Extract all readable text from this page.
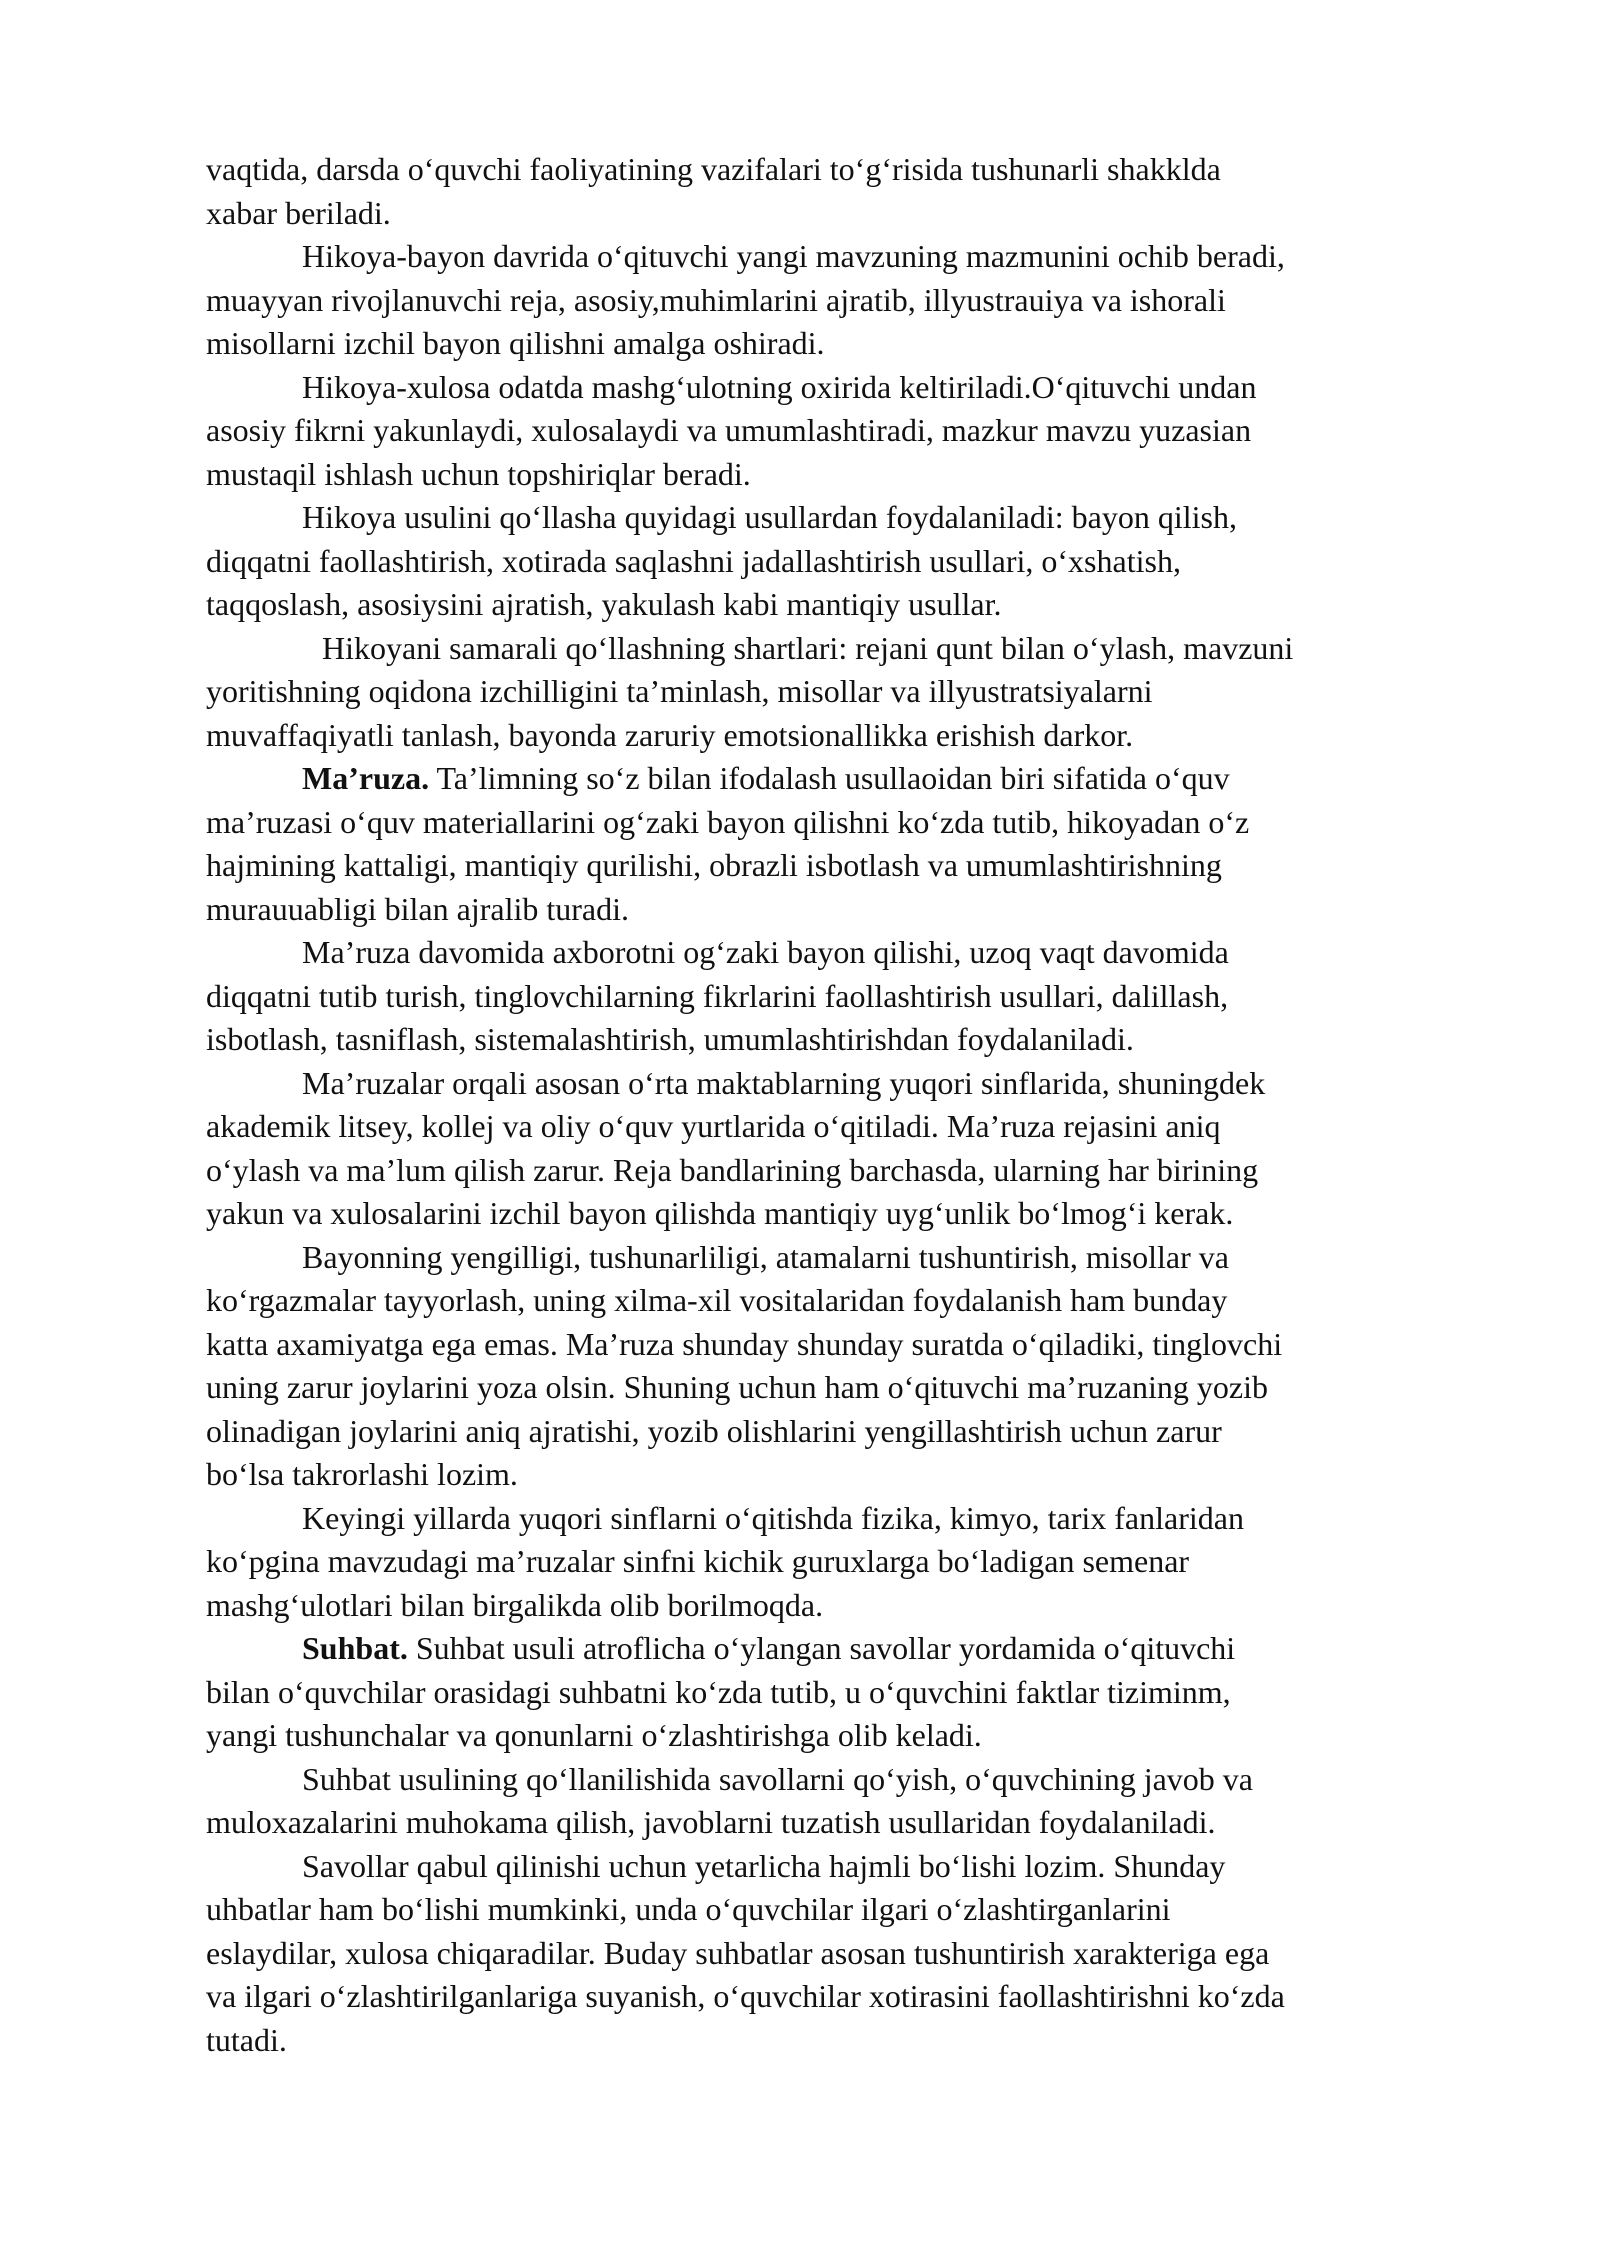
vaqtida, darsda o‘quvchi faoliyatining vazifalari to‘g‘risida tushunarli shakklda
xabar beriladi.

Hikoya-bayon davrida o‘qituvchi yangi mavzuning mazmunini ochib beradi,
muayyan rivojlanuvchi reja, asosiy,muhimlarini ajratib, illyustrauiya va ishorali
misollarni izchil bayon qilishni amalga oshiradi.

Hikoya-xulosa odatda mashg‘ulotning oxirida keltiriladi.O‘qituvchi undan
asosiy fikrni yakunlaydi, xulosalaydi va umumlashtiradi, mazkur mavzu yuzasian
mustaqil ishlash uchun topshiriqlar beradi.

Hikoya usulini qo‘llasha quyidagi usullardan foydalaniladi: bayon qilish,
diqqatni faollashtirish, xotirada saqlashni jadallashtirish usullari, o‘xshatish,
taqqoslash, asosiysini ajratish, yakulash kabi mantiqiy usullar.

Hikoyani samarali qo‘llashning shartlari: rejani qunt bilan o‘ylash, mavzuni
yoritishning oqidona izchilligini ta’minlash, misollar va illyustratsiyalarni
muvaffaqiyatli tanlash, bayonda zaruriy emotsionallikka erishish darkor.

Ma’ruza. Ta’limning so‘z bilan ifodalash usullaoidan biri sifatida o‘quv
ma’ruzasi o‘quv materiallarini og‘zaki bayon qilishni ko‘zda tutib, hikoyadan o‘z
hajmining kattaligi, mantiqiy qurilishi, obrazli isbotlash va umumlashtirishning
murauuabligi bilan ajralib turadi.

Ma’ruza davomida axborotni og‘zaki bayon qilishi, uzoq vaqt davomida
diqqatni tutib turish, tinglovchilarning fikrlarini faollashtirish usullari, dalillash,
isbotlash, tasniflash, sistemalashtirish, umumlashtirishdan foydalaniladi.

Ma’ruzalar orqali asosan o‘rta maktablarning yuqori sinflarida, shuningdek
akademik litsey, kollej va oliy o‘quv yurtlarida o‘qitiladi. Ma’ruza rejasini aniq
o‘ylash va ma’lum qilish zarur. Reja bandlarining barchasda, ularning har birining
yakun va xulosalarini izchil bayon qilishda mantiqiy uyg‘unlik bo‘lmog‘i kerak.

Bayonning yengilligi, tushunarliligi, atamalarni tushuntirish, misollar va
ko‘rgazmalar tayyorlash, uning xilma-xil vositalaridan foydalanish ham bunday
katta axamiyatga ega emas. Ma’ruza shunday shunday suratda o‘qiladiki, tinglovchi
uning zarur joylarini yoza olsin. Shuning uchun ham o‘qituvchi ma’ruzaning yozib
olinadigan joylarini aniq ajratishi, yozib olishlarini yengillashtirish uchun zarur
bo‘lsa takrorlashi lozim.

Keyingi yillarda yuqori sinflarni o‘qitishda fizika, kimyo, tarix fanlaridan
ko‘pgina mavzudagi ma’ruzalar sinfni kichik guruxlarga bo‘ladigan semenar
mashg‘ulotlari bilan birgalikda olib borilmoqda.

Suhbat. Suhbat usuli atroflicha o‘ylangan savollar yordamida o‘qituvchi
bilan o‘quvchilar orasidagi suhbatni ko‘zda tutib, u o‘quvchini faktlar tiziminm,
yangi tushunchalar va qonunlarni o‘zlashtirishga olib keladi.

Suhbat usulining qo‘llanilishida savollarni qo‘yish, o‘quvchining javob va
muloxazalarini muhokama qilish, javoblarni tuzatish usullaridan foydalaniladi.

Savollar qabul qilinishi uchun yetarlicha hajmli bo‘lishi lozim. Shunday
uhbatlar ham bo‘lishi mumkinki, unda o‘quvchilar ilgari o‘zlashtirganlarini
eslaydilar, xulosa chiqaradilar. Buday suhbatlar asosan tushuntirish xarakteriga ega
va ilgari o‘zlashtirilganlariga suyanish, o‘quvchilar xotirasini faollashtirishni ko‘zda
tutadi.
